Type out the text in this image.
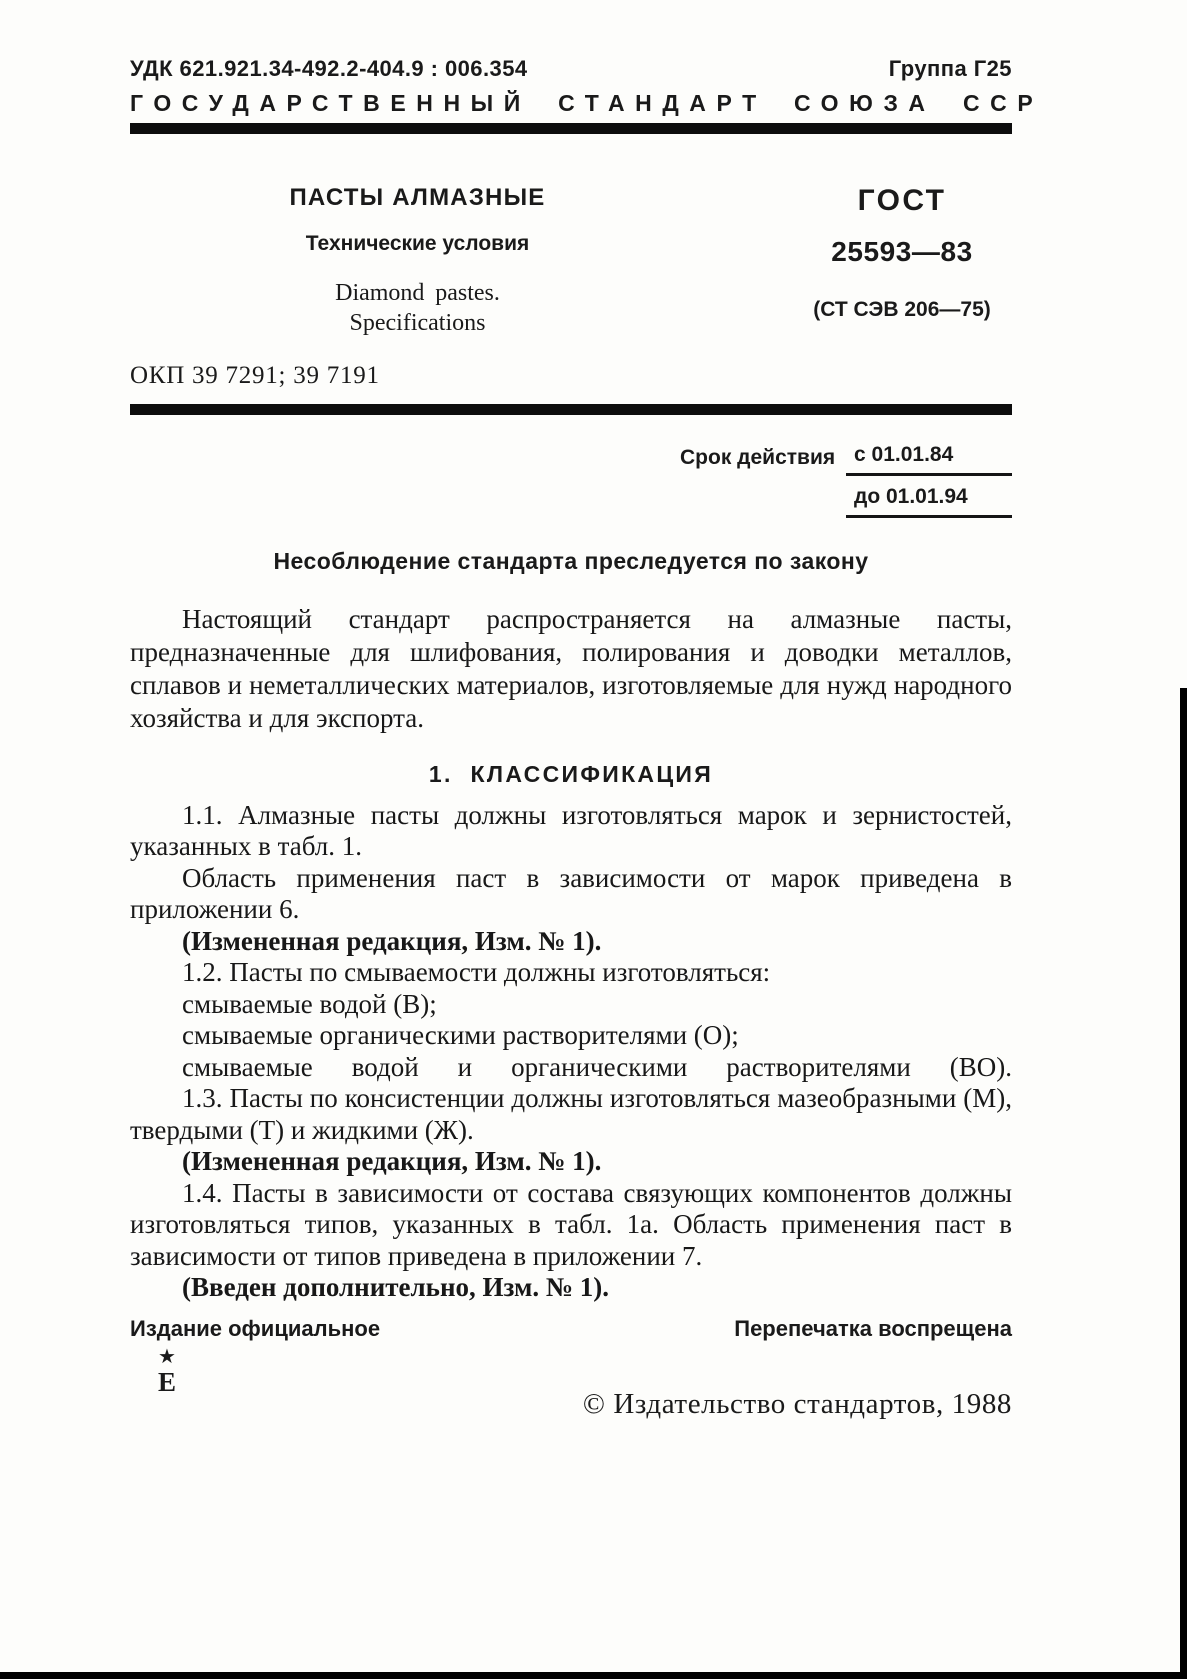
УДК 621.921.34-492.2-404.9 : 006.354	Группа Г25
ГОСУДАРСТВЕННЫЙ СТАНДАРТ СОЮЗА ССР
ПАСТЫ АЛМАЗНЫЕ
Технические условия
Diamond pastes.
Specifications
ГОСТ
25593—83
(СТ СЭВ 206—75)
ОКП 39 7291; 39 7191
Срок действия с 01.01.84
до 01.01.94
Несоблюдение стандарта преследуется по закону

Настоящий стандарт распространяется на алмазные пасты, предназначенные для шлифования, полирования и доводки металлов, сплавов и неметаллических материалов, изготовляемые для нужд народного хозяйства и для экспорта.

1. КЛАССИФИКАЦИЯ

1.1. Алмазные пасты должны изготовляться марок и зернистостей, указанных в табл. 1.

Область применения паст в зависимости от марок приведена в приложении 6.

(Измененная редакция, Изм. № 1).

1.2. Пасты по смываемости должны изготовляться:

смываемые водой (В);

смываемые органическими растворителями (О);

смываемые водой и органическими растворителями (ВО).

1.3. Пасты по консистенции должны изготовляться мазеобразными (М), твердыми (Т) и жидкими (Ж).

(Измененная редакция, Изм. № 1).

1.4. Пасты в зависимости от состава связующих компонентов должны изготовляться типов, указанных в табл. 1а. Область применения паст в зависимости от типов приведена в приложении 7.

(Введен дополнительно, Изм. № 1).

Издание официальное	Перепечатка воспрещена
★
Е
© Издательство стандартов, 1988
